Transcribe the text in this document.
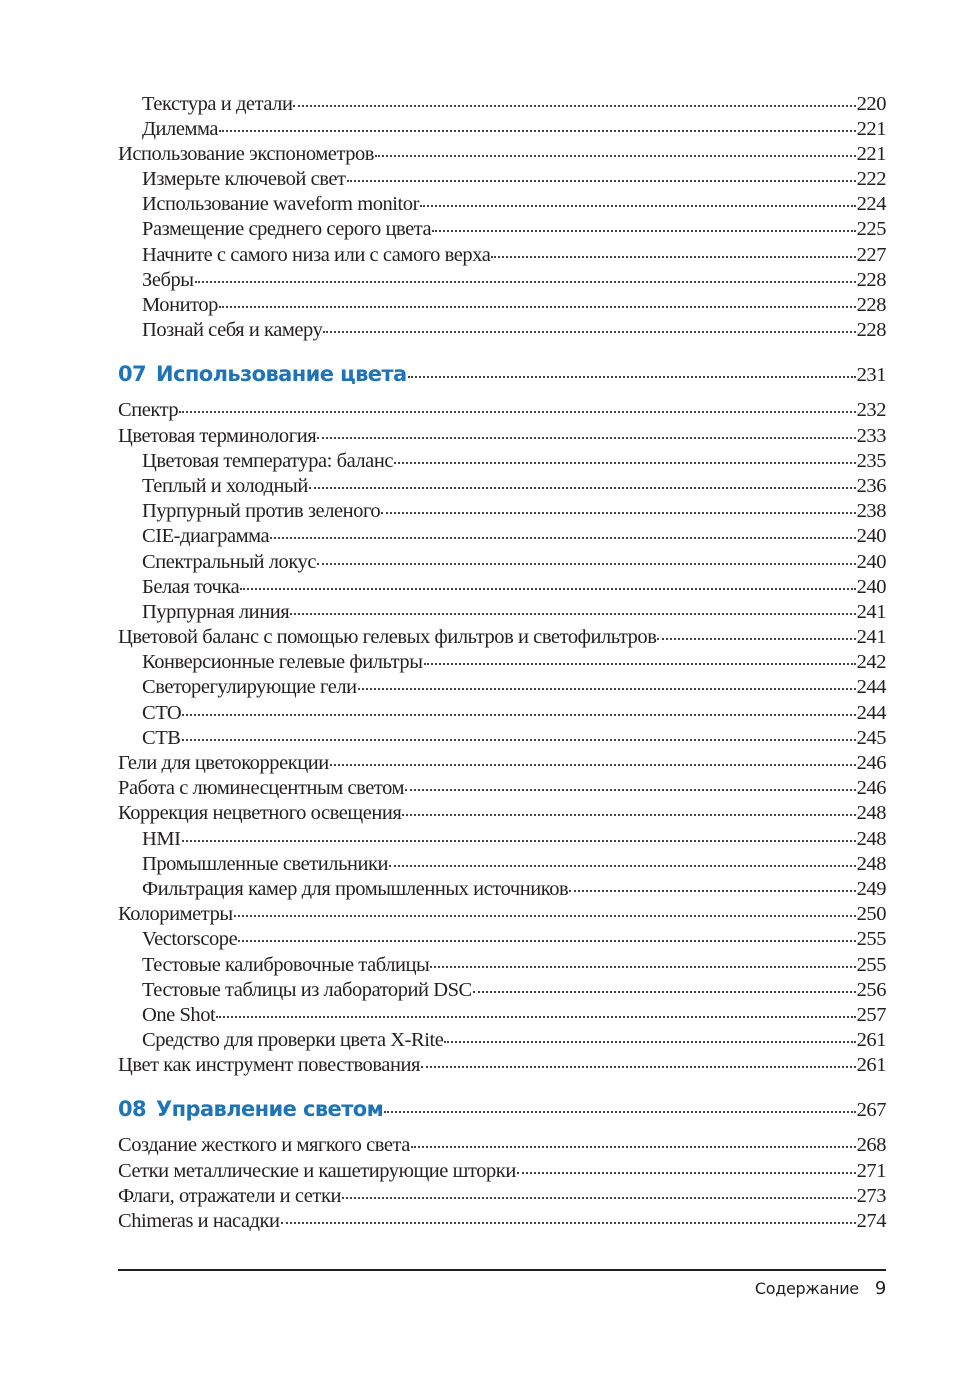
Текстура и детали	220
Дилемма	221
Использование экспонометров	221
Измерьте ключевой свет	222
Использование waveform monitor	224
Размещение среднего серого цвета	225
Начните с самого низа или с самого верха	227
Зебры	228
Монитор	228
Познай себя и камеру	228
07 Использование цвета	231
Спектр	232
Цветовая терминология	233
Цветовая температура: баланс	235
Теплый и холодный	236
Пурпурный против зеленого	238
CIE-диаграмма	240
Спектральный локус	240
Белая точка	240
Пурпурная линия	241
Цветовой баланс с помощью гелевых фильтров и светофильтров	241
Конверсионные гелевые фильтры	242
Светорегулирующие гели	244
CTO	244
CTB	245
Гели для цветокоррекции	246
Работа с люминесцентным светом	246
Коррекция нецветного освещения	248
HMI	248
Промышленные светильники	248
Фильтрация камер для промышленных источников	249
Колориметры	250
Vectorscope	255
Тестовые калибровочные таблицы	255
Тестовые таблицы из лабораторий DSC	256
One Shot	257
Средство для проверки цвета X-Rite	261
Цвет как инструмент повествования	261
08 Управление светом	267
Создание жесткого и мягкого света	268
Сетки металлические и кашетирующие шторки	271
Флаги, отражатели и сетки	273
Chimeras и насадки	274
Содержание 9
